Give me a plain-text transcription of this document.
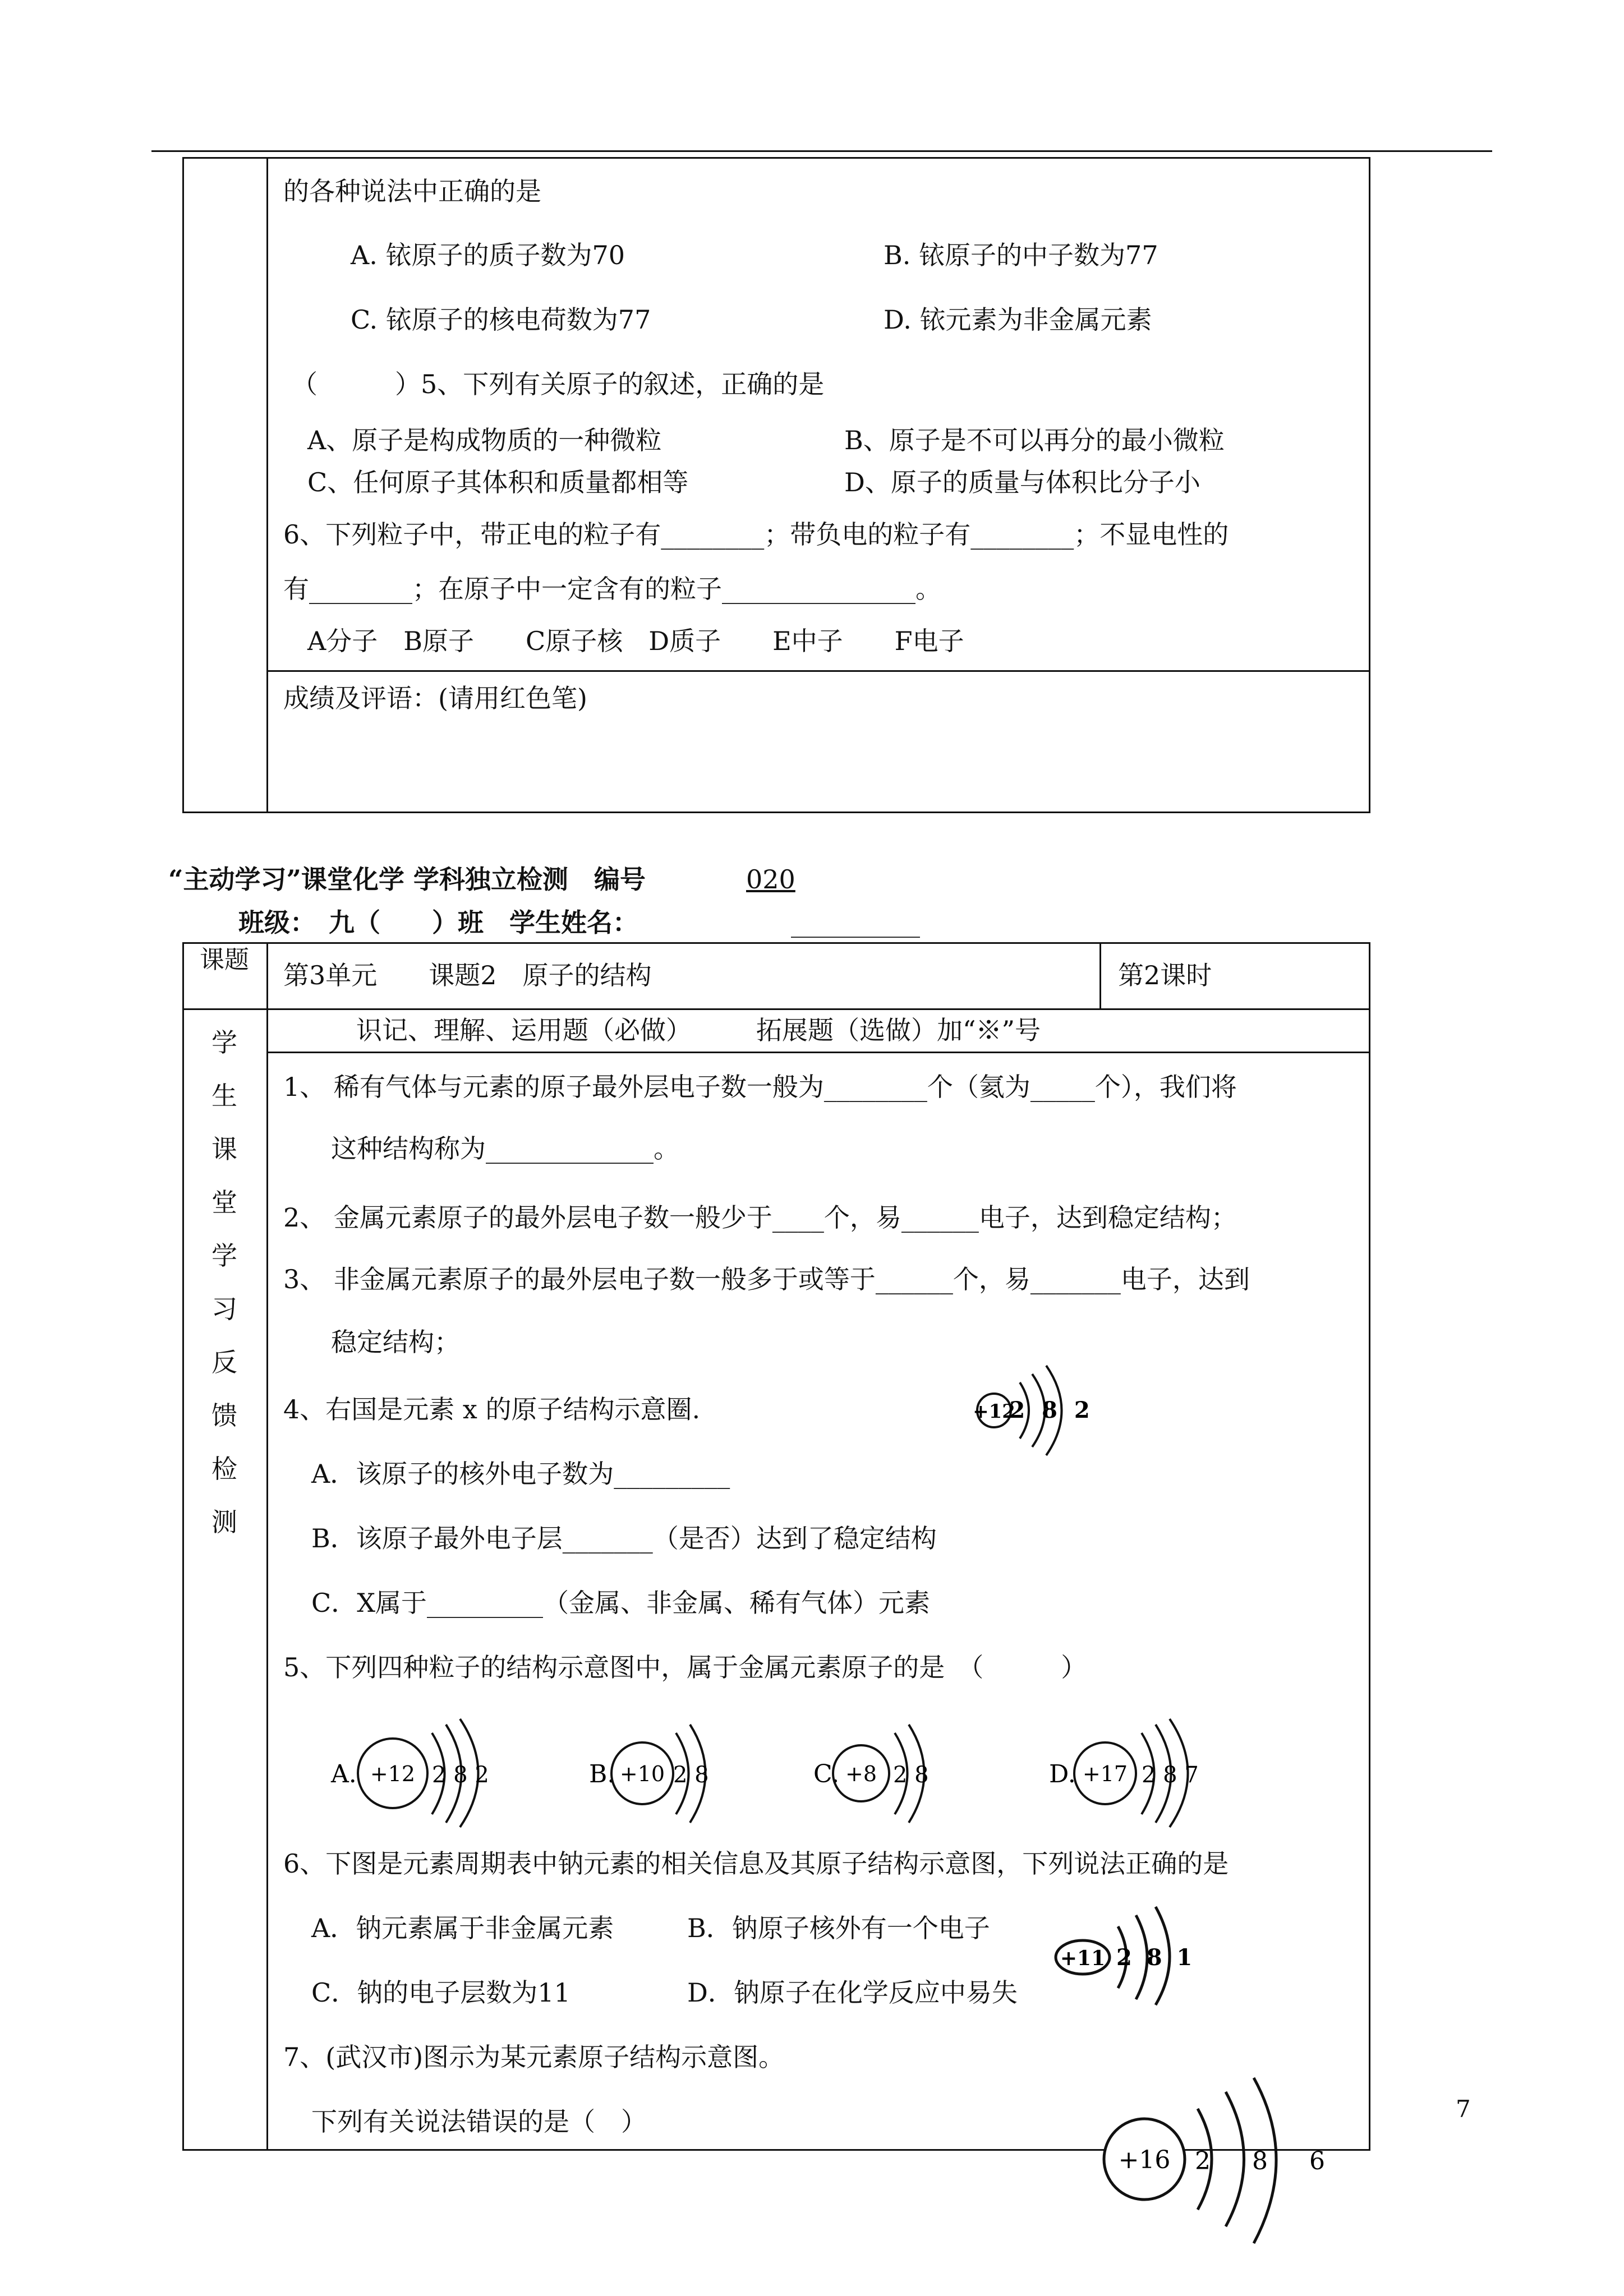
的各种说法中正确的是
A. 铱原子的质子数为70	B. 铱原子的中子数为77
C. 铱原子的核电荷数为77	D. 铱元素为非金属元素
（　　　）5、下列有关原子的叙述，正确的是
A、原子是构成物质的一种微粒	B、原子是不可以再分的最小微粒
C、任何原子其体积和质量都相等	D、原子的质量与体积比分子小
6、下列粒子中，带正电的粒子有________；带负电的粒子有________；不显电性的
有________；在原子中一定含有的粒子_______________。
A分子　B原子　　C原子核　D质子　　E中子　　F电子
成绩及评语：(请用红色笔)
“主动学习”课堂化学 学科独立检测　编号	020
班级：　九（　　）班　学生姓名：	__________
课题
第3单元　　课题2　原子的结构	第2课时
识记、理解、运用题（必做）　　　拓展题（选做）加“※”号
学
生
课
堂
学
习
反
馈
检
测
1、 稀有气体与元素的原子最外层电子数一般为________个（氦为_____个），我们将
这种结构称为_____________。
2、 金属元素原子的最外层电子数一般少于____个，易______电子，达到稳定结构；
3、 非金属元素原子的最外层电子数一般多于或等于______个，易_______电子，达到
稳定结构；
4、右国是元素 x 的原子结构示意圈.
A．该原子的核外电子数为_________
B．该原子最外电子层_______（是否）达到了稳定结构
C．X属于_________（金属、非金属、稀有气体）元素
5、下列四种粒子的结构示意图中，属于金属元素原子的是　（　　　）
6、下图是元素周期表中钠元素的相关信息及其原子结构示意图，下列说法正确的是
A．钠元素属于非金属元素	B．钠原子核外有一个电子
C．钠的电子层数为11	D．钠原子在化学反应中易失
7、(武汉市)图示为某元素原子结构示意图。
下列有关说法错误的是（　）
+12
2 8 2
A. +12 2 8 2	B. +10 2 8	C. +8 2 8	D. +17 2 8 7
+11 2 8 1
+16 2 8 6
7
